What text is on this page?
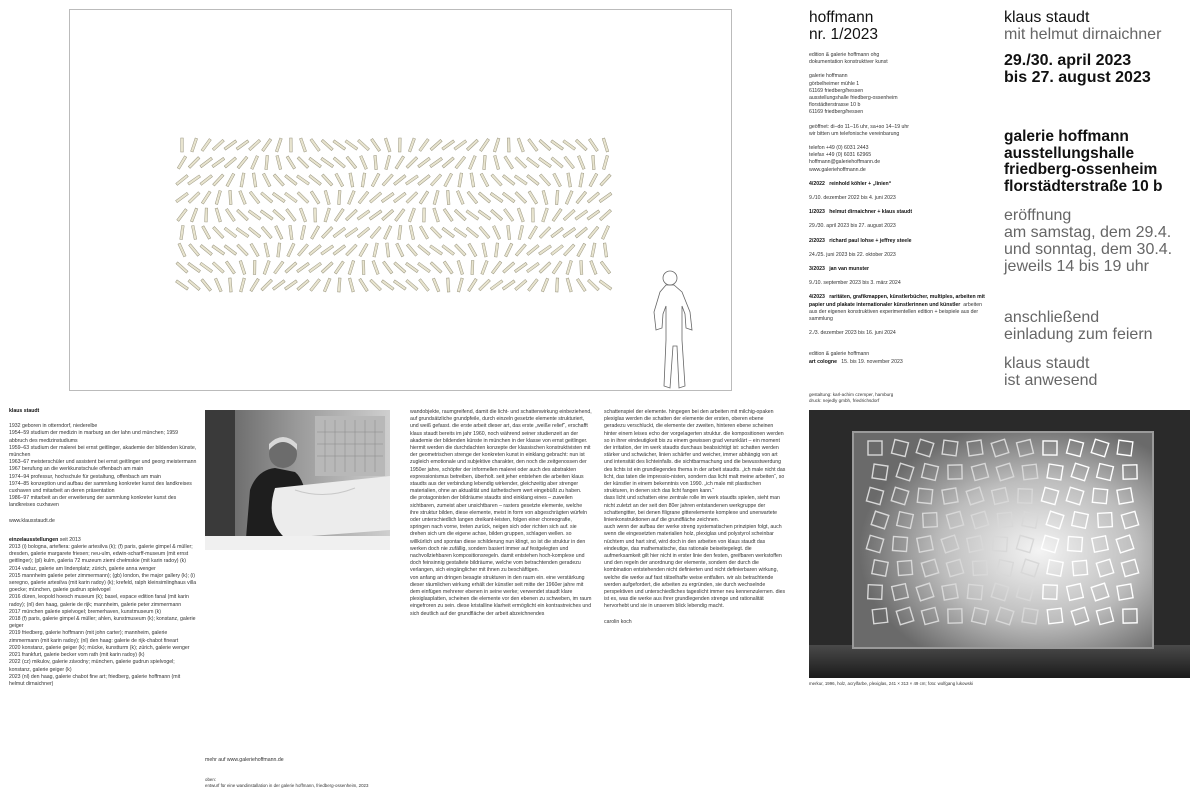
hoffmann
nr. 1/2023

edition & galerie hoffmann ohg
dokumentation konstruktiver kunst

galerie hoffmann
görbelheimer mühle 1
61169 friedberg/hessen
ausstellungshalle friedberg-ossenheim
florstädterstrasse 10 b
61169 friedberg/hessen

geöffnet: di–do 11–16 uhr, sa+so 14–19 uhr
wir bitten um telefonische vereinbarung

telefon +49 (0) 6031 2443
telefax +49 (0) 6031 62965
hoffmann@galeriehoffmann.de
www.galeriehoffmann.de

4/2022 reinhold köhler + „linien“

9./10. dezember 2022 bis 4. juni 2023

1/2023 helmut dirnaichner + klaus staudt

29./30. april 2023 bis 27. august 2023

2/2023 richard paul lohse + jeffrey steele

24./25. juni 2023 bis 22. oktober 2023

3/2023 jan van munster

9./10. september 2023 bis 3. märz 2024

4/2023 raritäten, grafikmappen, künstlerbücher, multiples, arbeiten mit papier und plakate internationaler künstlerinnen und künstler arbeiten aus der eigenen konstruktiven experimentellen edition + beispiele aus der sammlung

2./3. dezember 2023 bis 16. juni 2024

edition & galerie hoffmann
art cologne 15. bis 19. november 2023

gestaltung: karl-achim czemper, hamburg
druck: nejedly gmbh, friedrichsdorf

klaus staudt
mit helmut dirnaichner
29./30. april 2023
bis 27. august 2023
galerie hoffmann
ausstellungshalle
friedberg-ossenheim
florstädterstraße 10 b
eröffnung
am samstag, dem 29.4.
und sonntag, dem 30.4.
jeweils 14 bis 19 uhr
anschließend
einladung zum feiern
klaus staudt
ist anwesend

klaus staudt

1932 geboren in otterndorf, niederelbe

1954–59 studium der medizin in marburg an der lahn und münchen; 1959 abbruch des medizinstudiums

1959–63 studium der malerei bei ernst geitlinger, akademie der bildenden künste, münchen

1963–67 meisterschüler und assistent bei ernst geitlinger und georg meistermann

1967 berufung an die werkkunstschule offenbach am main

1974–94 professur, hochschule für gestaltung, offenbach am main

1974–85 konzeption und aufbau der sammlung konkreter kunst des landkreises cuxhaven und mitarbeit an deren präsentation

1986–97 mitarbeit an der erweiterung der sammlung konkreter kunst des landkreises cuxhaven

www.klausstaudt.de

einzelausstellungen seit 2013

2013 (i) bologna, artefiera: galerie artesilva (k); (f) paris, galerie gimpel & müller; dresden, galerie margarete friesen; neu-ulm, edwin-scharff-museum (mit ernst geitlinger); (pl) kulm, galeria 72 muzeum ziemi chełmskie (mit karin radoy) (k)

2014 vaduz, galerie am lindenplatz; zürich, galerie anna wenger

2015 mannheim galerie peter zimmermann); (gb) london, the major gallery (k); (i) seregno, galerie artesilva (mit karin radoy) (k); krefeld, ralph kleinsimlinghaus villa goecke; münchen, galerie gudrun spielvogel

2016 düren, leopold hoesch museum (k); basel, espace edition fanal (mit karin radoy); (nl) den haag, galerie de rijk; mannheim, galerie peter zimmermann

2017 münchen galerie spielvogel; bremerhaven, kunstmuseum (k)

2018 (f) paris, galerie gimpel & müller; ahlen, kunstmuseum (k); konstanz, galerie geiger

2019 friedberg, galerie hoffmann (mit john carter); mannheim, galerie zimmermann (mit karin radoy); (nl) den haag: galerie de rijk-chabot fineart

2020 konstanz, galerie geiger (k); mücke, kunstturm (k); zürich, galerie wenger

2021 frankfurt, galerie becker vom rath (mit karin radoy) (k)

2022 (cz) mikulov, galerie závodny; münchen, galerie gudrun spielvogel; konstanz, galerie geiger (k)

2023 (nl) den haag, galerie chabot fine art; friedberg, galerie hoffmann (mit helmut dirnaichner)

mehr auf www.galeriehoffmann.de
oben:
entwurf für eine wandinstallation in der galerie hoffmann, friedberg-ossenheim, 2023

wandobjekte, raumgreifend, damit die licht- und schattenwirkung einbeziehend, auf grundsätzliche grundpfeile, durch einzeln gesetzte elemente strukturiert, und weiß gefasst. die erste arbeit dieser art, das erste „weiße relief“, erschafft klaus staudt bereits im jahr 1960, noch während seiner studienzeit an der akademie der bildenden künste in münchen in der klasse von ernst geitlinger. hiermit werden die durchdachten konzepte der klassischen konstruktivisten mit der geometrischen strenge der konkreten kunst in einklang gebracht: nun ist zugleich emotionale und subjektive charakter, den noch die zeitgenossen der 1950er jahre, schöpfer der informellen malerei oder auch des abstrakten expressionismus betreiben, überholt. seit jeher entstehen die arbeiten klaus staudts aus der verbindung lebendig wirkender, gleichzeitig aber strenger materialien, ohne an aktualität und ästhetischem wert eingebüßt zu haben.

die protagonisten der bildräume staudts sind einklang eines – zuweilen sichtbaren, zumeist aber unsichtbaren – rasters gesetzte elemente, welche ihre struktur bilden, diese elemente, meist in form von abgeschrägten würfeln oder unterschiedlich langen dreikant-leisten, folgen einer choreografie, springen nach vorne, treten zurück, neigen sich oder richten sich auf. sie drehen sich um die eigene achse, bilden gruppen, schlagen wellen. so willkürlich und spontan diese schilderung nun klingt, so ist die struktur in den werken doch nie zufällig, sondern basiert immer auf festgelegten und nachvollziehbaren kompositionsregeln. damit entstehen hoch-komplexe und doch feinsinnig gestaltete bildräume, welche vom betrachtenden geradezu verlangen, sich eingänglicher mit ihnen zu beschäftigen.

von anfang an dringen besagte strukturen in den raum ein. eine verstärkung dieser räumlichen wirkung erhält der künstler seit mitte der 1960er jahre mit dem einfügen mehrerer ebenen in seine werke; verwendet staudt klare plexiglasplatten, scheinen die elemente vor den ebenen zu schweben, im raum eingefroren zu sein. diese kristalline klarheit ermöglicht ein kontrastreiches und sich deutlich auf der grundfläche der arbeit abzeichnendes

schattenspiel der elemente. hingegen bei den arbeiten mit milchig-opaken plexiglas werden die schatten der elemente der ersten, oberen ebene geradezu verschluckt, die elemente der zweiten, hinteren ebene scheinen hinter einem leises echo der vorgelagerten struktur. die kompositionen werden so in ihrer eindeutigkeit bis zu einem gewissen grad verunklärt – ein moment der irritation, der im werk staudts durchaus beabsichtigt ist: schatten werden stärker und schwächer, linien schärfer und weicher, immer abhängig von art und intensität des lichteinfalls. die sichtbarmachung und die bewusstwerdung des lichts ist ein grundlegendes thema in der arbeit staudts. „ich male nicht das licht, das taten die impressio-nisten, sondern das licht malt meine arbeiten“, so der künstler in einem bekenntnis von 1990. „ich male mit plastischen strukturen, in denen sich das licht fangen kann.“

dass licht und schatten eine zentrale rolle im werk staudts spielen, sieht man nicht zuletzt an der seit den 80er jahren entstandenen werkgruppe der schattengitter, bei denen filigrane gitterelemente komplexe und unerwartete linienkonstruktionen auf die grundfläche zeichnen.

auch wenn der aufbau der werke streng systematischen prinzipien folgt, auch wenn die eingesetzten materialien holz, plexiglas und polystyrol scheinbar nüchtern und hart sind, wird doch in den arbeiten von klaus staudt das eindeutige, das mathematische, das rationale beiseitegelegt. die aufmerksamkeit gilt hier nicht in erster linie den festen, greifbaren werkstoffen und den regeln der anordnung der elemente, sondern der durch die kombination entstehenden nicht definierten und nicht definierbaren wirkung, welche die werke auf fast rätselhafte weise entfalten. wir als betrachtende werden aufgefordert, die arbeiten zu ergründen, sie durch wechselnde perspektiven und unterschiedliches tageslicht immer neu kennenzulernen. dies ist es, was die werke aus ihrer grundlegenden strenge und rationalität hervorhebt und sie in unserem blick lebendig macht.

carolin koch

merkur, 1996, holz, acrylfarbe, plexiglas, 241 × 313 × 49 cm; foto: wolfgang lukowski
